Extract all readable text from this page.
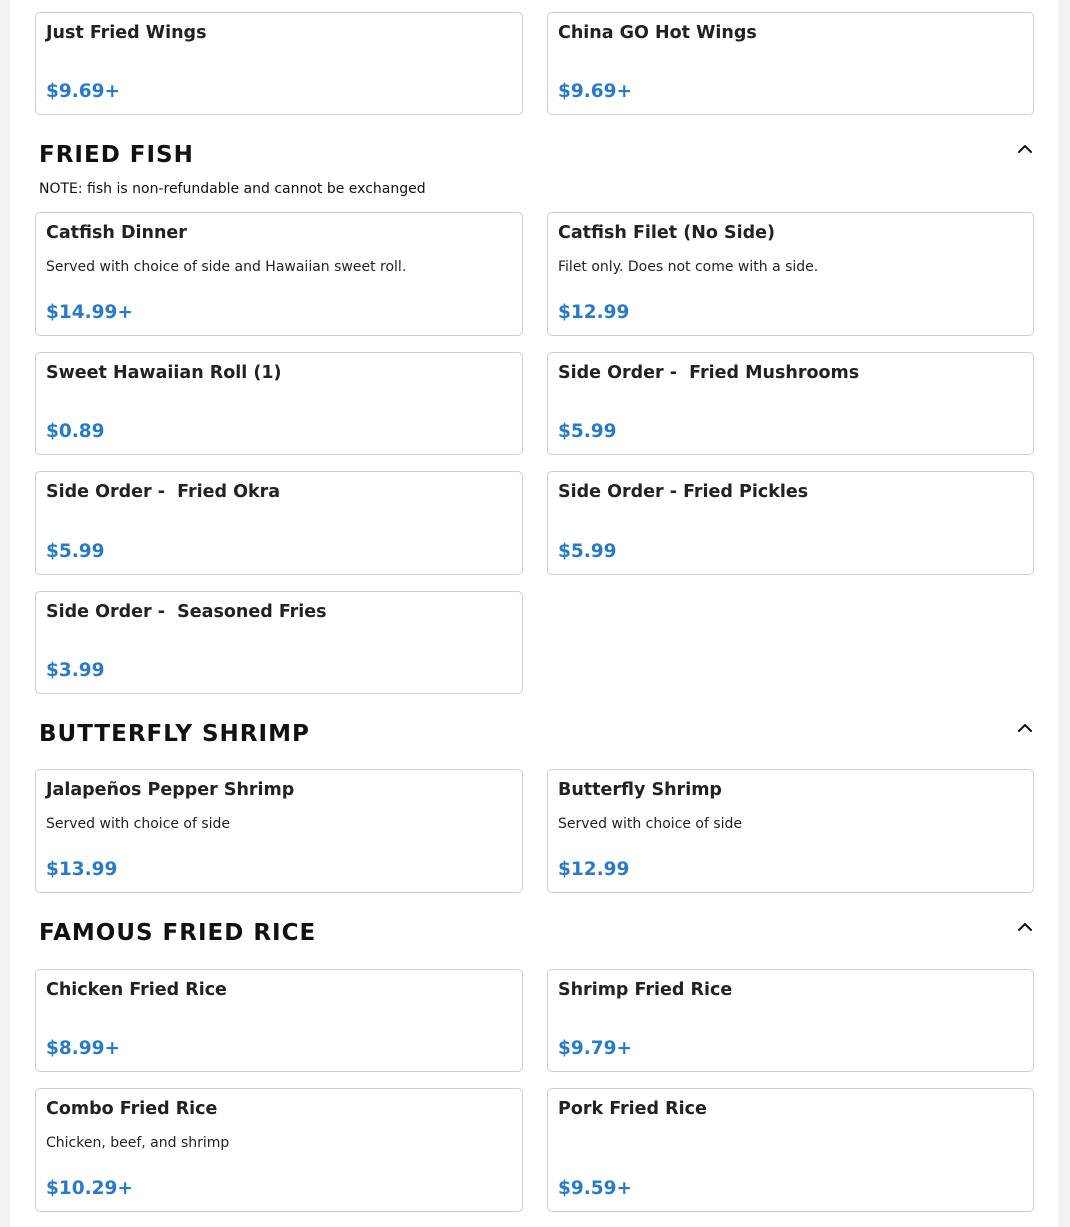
Just Fried Wings
$9.69+
China GO Hot Wings
$9.69+
FRIED FISH
NOTE: fish is non-refundable and cannot be exchanged
Catfish Dinner
Served with choice of side and Hawaiian sweet roll.
$14.99+
Catfish Filet (No Side)
Filet only. Does not come with a side.
$12.99
Sweet Hawaiian Roll (1)
$0.89
Side Order -  Fried Mushrooms
$5.99
Side Order -  Fried Okra
$5.99
Side Order - Fried Pickles
$5.99
Side Order -  Seasoned Fries
$3.99
BUTTERFLY SHRIMP
Jalapeños Pepper Shrimp
Served with choice of side
$13.99
Butterfly Shrimp
Served with choice of side
$12.99
FAMOUS FRIED RICE
Chicken Fried Rice
$8.99+
Shrimp Fried Rice
$9.79+
Combo Fried Rice
Chicken, beef, and shrimp
$10.29+
Pork Fried Rice
$9.59+
